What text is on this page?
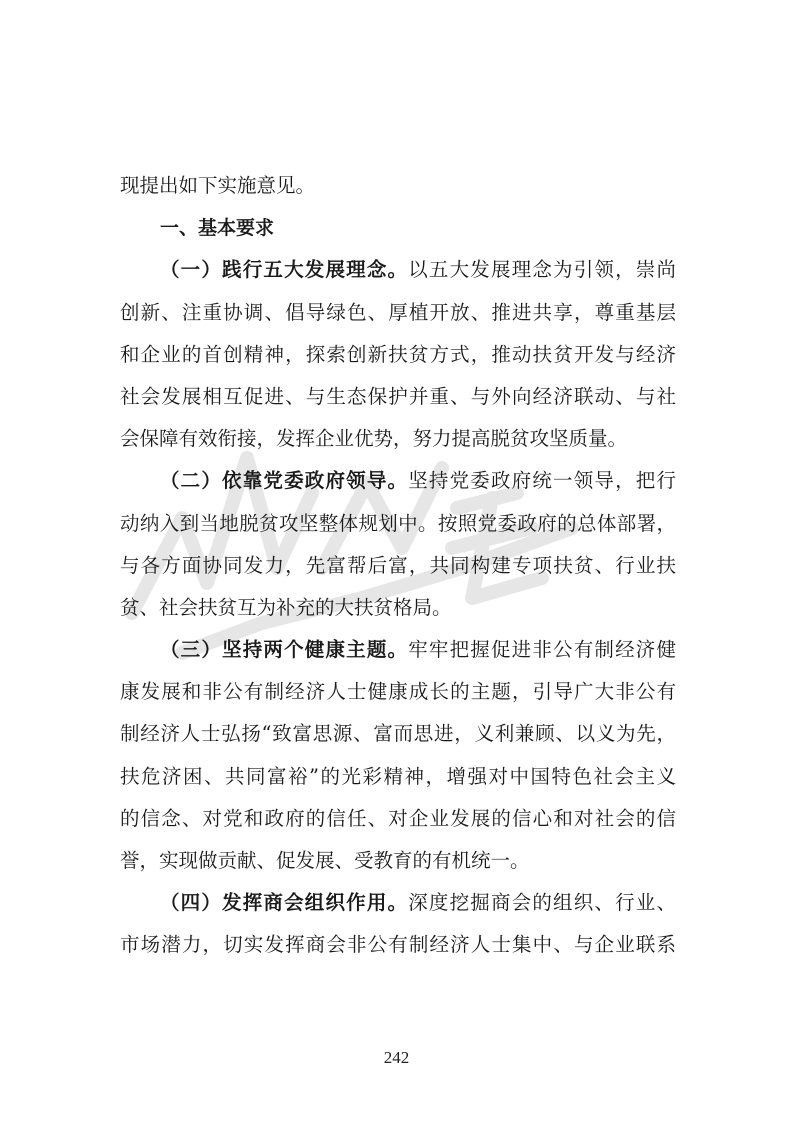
现提出如下实施意见。
一、基本要求
（一）践行五大发展理念。以五大发展理念为引领，崇尚
创新、注重协调、倡导绿色、厚植开放、推进共享，尊重基层
和企业的首创精神，探索创新扶贫方式，推动扶贫开发与经济
社会发展相互促进、与生态保护并重、与外向经济联动、与社
会保障有效衔接，发挥企业优势，努力提高脱贫攻坚质量。
（二）依靠党委政府领导。坚持党委政府统一领导，把行
动纳入到当地脱贫攻坚整体规划中。按照党委政府的总体部署，
与各方面协同发力，先富帮后富，共同构建专项扶贫、行业扶
贫、社会扶贫互为补充的大扶贫格局。
（三）坚持两个健康主题。牢牢把握促进非公有制经济健
康发展和非公有制经济人士健康成长的主题，引导广大非公有
制经济人士弘扬“致富思源、富而思进，义利兼顾、以义为先，
扶危济困、共同富裕”的光彩精神，增强对中国特色社会主义
的信念、对党和政府的信任、对企业发展的信心和对社会的信
誉，实现做贡献、促发展、受教育的有机统一。
（四）发挥商会组织作用。深度挖掘商会的组织、行业、
市场潜力，切实发挥商会非公有制经济人士集中、与企业联系
242
